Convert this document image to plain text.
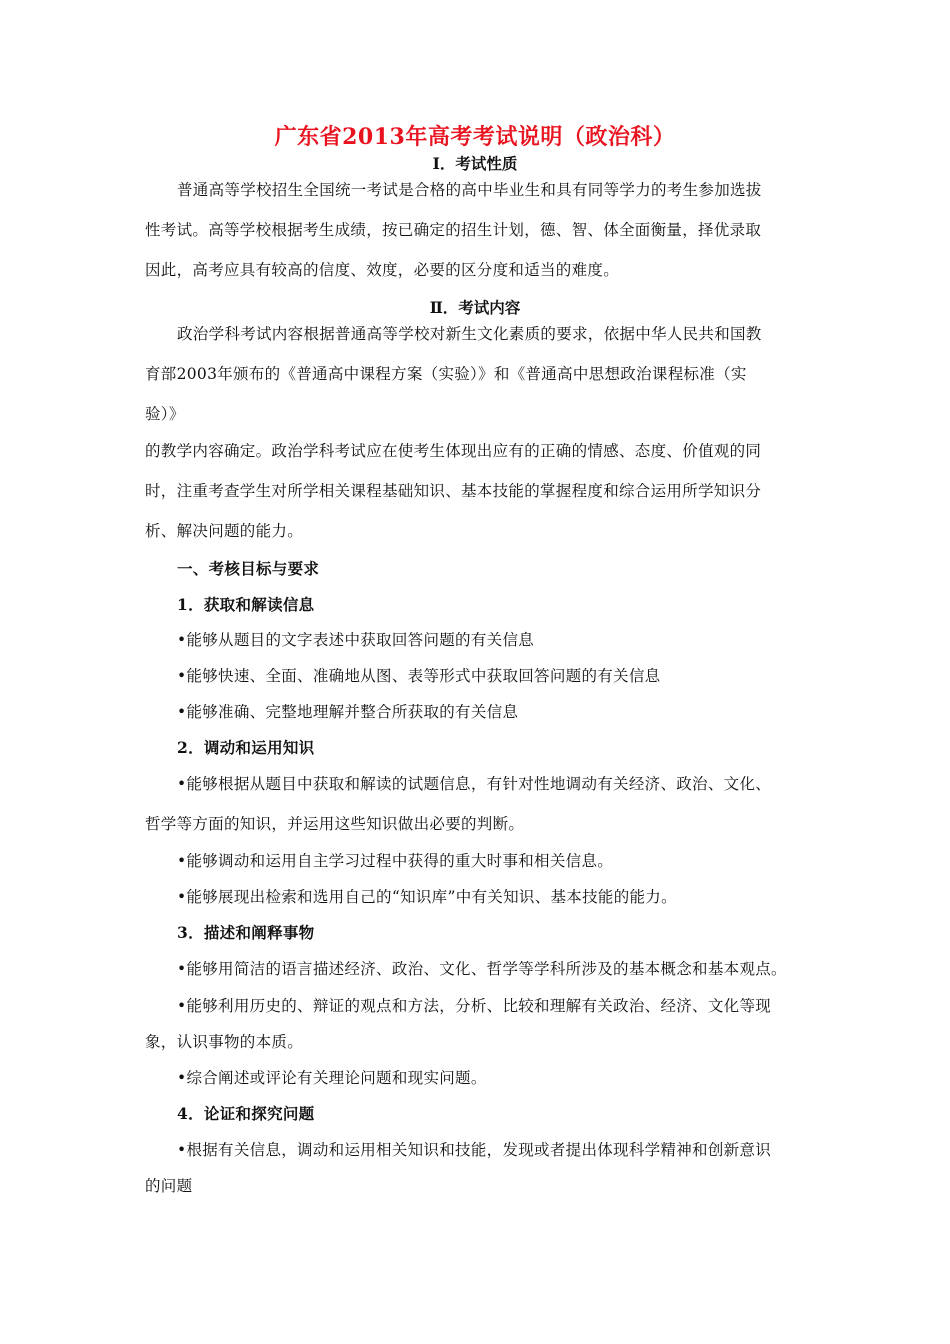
广东省2013年高考考试说明（政治科）
Ⅰ．考试性质
普通高等学校招生全国统一考试是合格的高中毕业生和具有同等学力的考生参加选拔
性考试。高等学校根据考生成绩，按已确定的招生计划，德、智、体全面衡量，择优录取
因此，高考应具有较高的信度、效度，必要的区分度和适当的难度。
Ⅱ．考试内容
政治学科考试内容根据普通高等学校对新生文化素质的要求，依据中华人民共和国教
育部2003年颁布的《普通高中课程方案（实验）》和《普通高中思想政治课程标准（实
验）》
的教学内容确定。政治学科考试应在使考生体现出应有的正确的情感、态度、价值观的同
时，注重考查学生对所学相关课程基础知识、基本技能的掌握程度和综合运用所学知识分
析、解决问题的能力。
一、考核目标与要求
1．获取和解读信息
•能够从题目的文字表述中获取回答问题的有关信息
•能够快速、全面、准确地从图、表等形式中获取回答问题的有关信息
•能够准确、完整地理解并整合所获取的有关信息
2．调动和运用知识
•能够根据从题目中获取和解读的试题信息，有针对性地调动有关经济、政治、文化、
哲学等方面的知识，并运用这些知识做出必要的判断。
•能够调动和运用自主学习过程中获得的重大时事和相关信息。
•能够展现出检索和选用自己的“知识库”中有关知识、基本技能的能力。
3．描述和阐释事物
•能够用简洁的语言描述经济、政治、文化、哲学等学科所涉及的基本概念和基本观点。
•能够利用历史的、辩证的观点和方法，分析、比较和理解有关政治、经济、文化等现
象，认识事物的本质。
•综合阐述或评论有关理论问题和现实问题。
4．论证和探究问题
•根据有关信息，调动和运用相关知识和技能，发现或者提出体现科学精神和创新意识
的问题
